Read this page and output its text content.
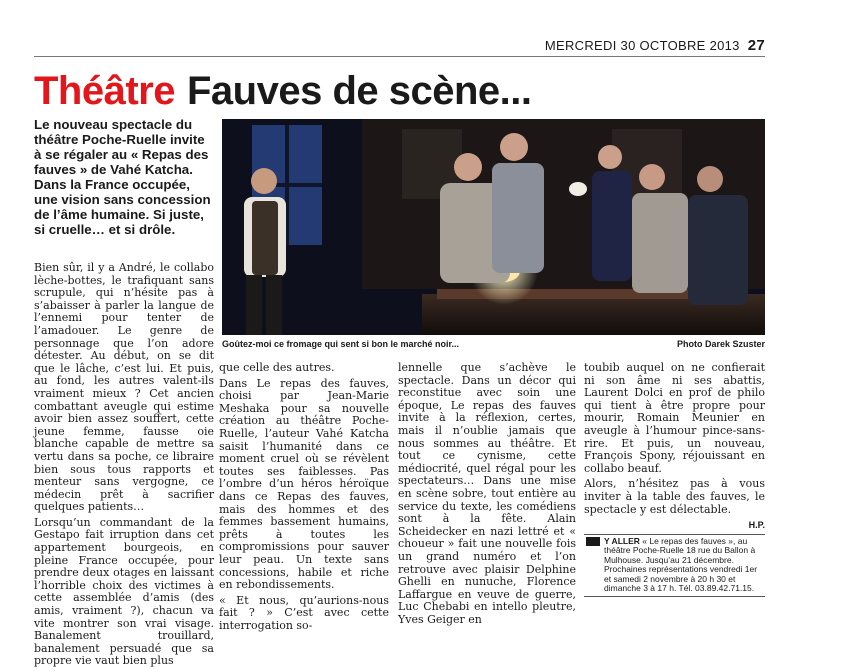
MERCREDI 30 OCTOBRE 2013 27
Théâtre Fauves de scène...

Le nouveau spectacle du théâtre Poche-Ruelle invite à se régaler au « Repas des fauves » de Vahé Katcha. Dans la France occupée, une vision sans concession de l’âme humaine. Si juste, si cruelle… et si drôle.

Goûtez-moi ce fromage qui sent si bon le marché noir...	Photo Darek Szuster

Bien sûr, il y a André, le collabo lèche-bottes, le trafiquant sans scrupule, qui n’hésite pas à s’abaisser à parler la langue de l’ennemi pour tenter de l’amadouer. Le genre de personnage que l’on adore détester. Au début, on se dit que le lâche, c’est lui. Et puis, au fond, les autres valent-ils vraiment mieux ? Cet ancien combattant aveugle qui estime avoir bien assez souffert, cette jeune femme, fausse oie blanche capable de mettre sa vertu dans sa poche, ce libraire bien sous tous rapports et menteur sans vergogne, ce médecin prêt à sacrifier quelques patients…

Lorsqu’un commandant de la Gestapo fait irruption dans cet appartement bourgeois, en pleine France occupée, pour prendre deux otages en laissant l’horrible choix des victimes à cette assemblée d’amis (des amis, vraiment ?), chacun va vite montrer son vrai visage. Banalement trouillard, banalement persuadé que sa propre vie vaut bien plus

que celle des autres.

Dans Le repas des fauves, choisi par Jean-Marie Meshaka pour sa nouvelle création au théâtre Poche-Ruelle, l’auteur Vahé Katcha saisit l’humanité dans ce moment cruel où se révèlent toutes ses faiblesses. Pas l’ombre d’un héros héroïque dans ce Repas des fauves, mais des hommes et des femmes bassement humains, prêts à toutes les compromissions pour sauver leur peau. Un texte sans concessions, habile et riche en rebondissements.

« Et nous, qu’aurions-nous fait ? » C’est avec cette interrogation so-

lennelle que s’achève le spectacle. Dans un décor qui reconstitue avec soin une époque, Le repas des fauves invite à la réflexion, certes, mais il n’oublie jamais que nous sommes au théâtre. Et tout ce cynisme, cette médiocrité, quel régal pour les spectateurs… Dans une mise en scène sobre, tout entière au service du texte, les comédiens sont à la fête. Alain Scheidecker en nazi lettré et « choueur » fait une nouvelle fois un grand numéro et l’on retrouve avec plaisir Delphine Ghelli en nunuche, Florence Laffargue en veuve de guerre, Luc Chebabi en intello pleutre, Yves Geiger en

toubib auquel on ne confierait ni son âme ni ses abattis, Laurent Dolci en prof de philo qui tient à être propre pour mourir, Romain Meunier en aveugle à l’humour pince-sans-rire. Et puis, un nouveau, François Spony, réjouissant en collabo beauf.

Alors, n’hésitez pas à vous inviter à la table des fauves, le spectacle y est délectable.

H.P.
Y ALLER « Le repas des fauves », au théâtre Poche-Ruelle 18 rue du Ballon à Mulhouse. Jusqu’au 21 décembre. Prochaines représentations vendredi 1er et samedi 2 novembre à 20 h 30 et dimanche 3 à 17 h. Tél. 03.89.42.71.15.
